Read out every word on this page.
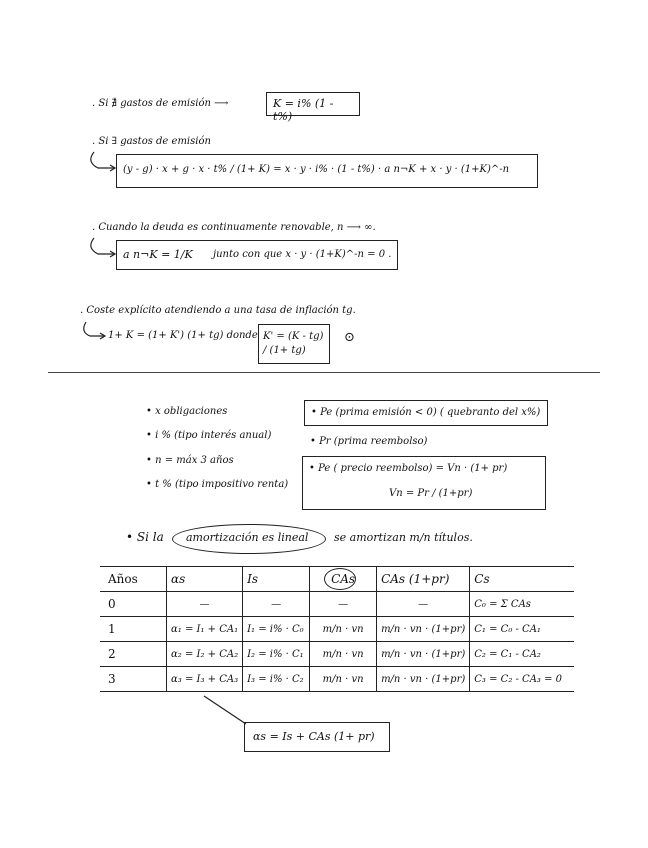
. Si ∄ gastos de emisión ⟶	K = i% (1 - t%)
. Si ∃ gastos de emisión
(y - g) · x + g · x · t% / (1+ K) = x · y · i% · (1 - t%) · a n¬K + x · y · (1+K)^-n
. Cuando la deuda es continuamente renovable, n ⟶ ∞.
a n¬K = 1/K junto con que x · y · (1+K)^-n = 0 .
. Coste explícito atendiendo a una tasa de inflación tg.
1+ K = (1+ K') (1+ tg) donde K' = (K - tg) / (1+ tg)
⊙
• x obligaciones
• i % (tipo interés anual)
• n = máx 3 años
• t % (tipo impositivo renta)
• Pe (prima emisión < 0) ( quebranto del x%)
• Pr (prima reembolso)
• Pe ( precio reembolso) = Vn · (1+ pr)
Vn = Pr / (1+pr)
• Si la amortización es lineal se amortizan m/n títulos.
Años	αs	Is	CAs	CAs (1+pr)	Cs
0	—	—	—	—	C₀ = Σ CAs
1	α₁ = I₁ + CA₁	I₁ = i% · C₀	m/n · vn	m/n · vn · (1+pr)	C₁ = C₀ - CA₁
2	α₂ = I₂ + CA₂	I₂ = i% · C₁	m/n · vn	m/n · vn · (1+pr)	C₂ = C₁ - CA₂
3	α₃ = I₃ + CA₃	I₃ = i% · C₂	m/n · vn	m/n · vn · (1+pr)	C₃ = C₂ - CA₃ = 0
αs = Is + CAs (1+ pr)
